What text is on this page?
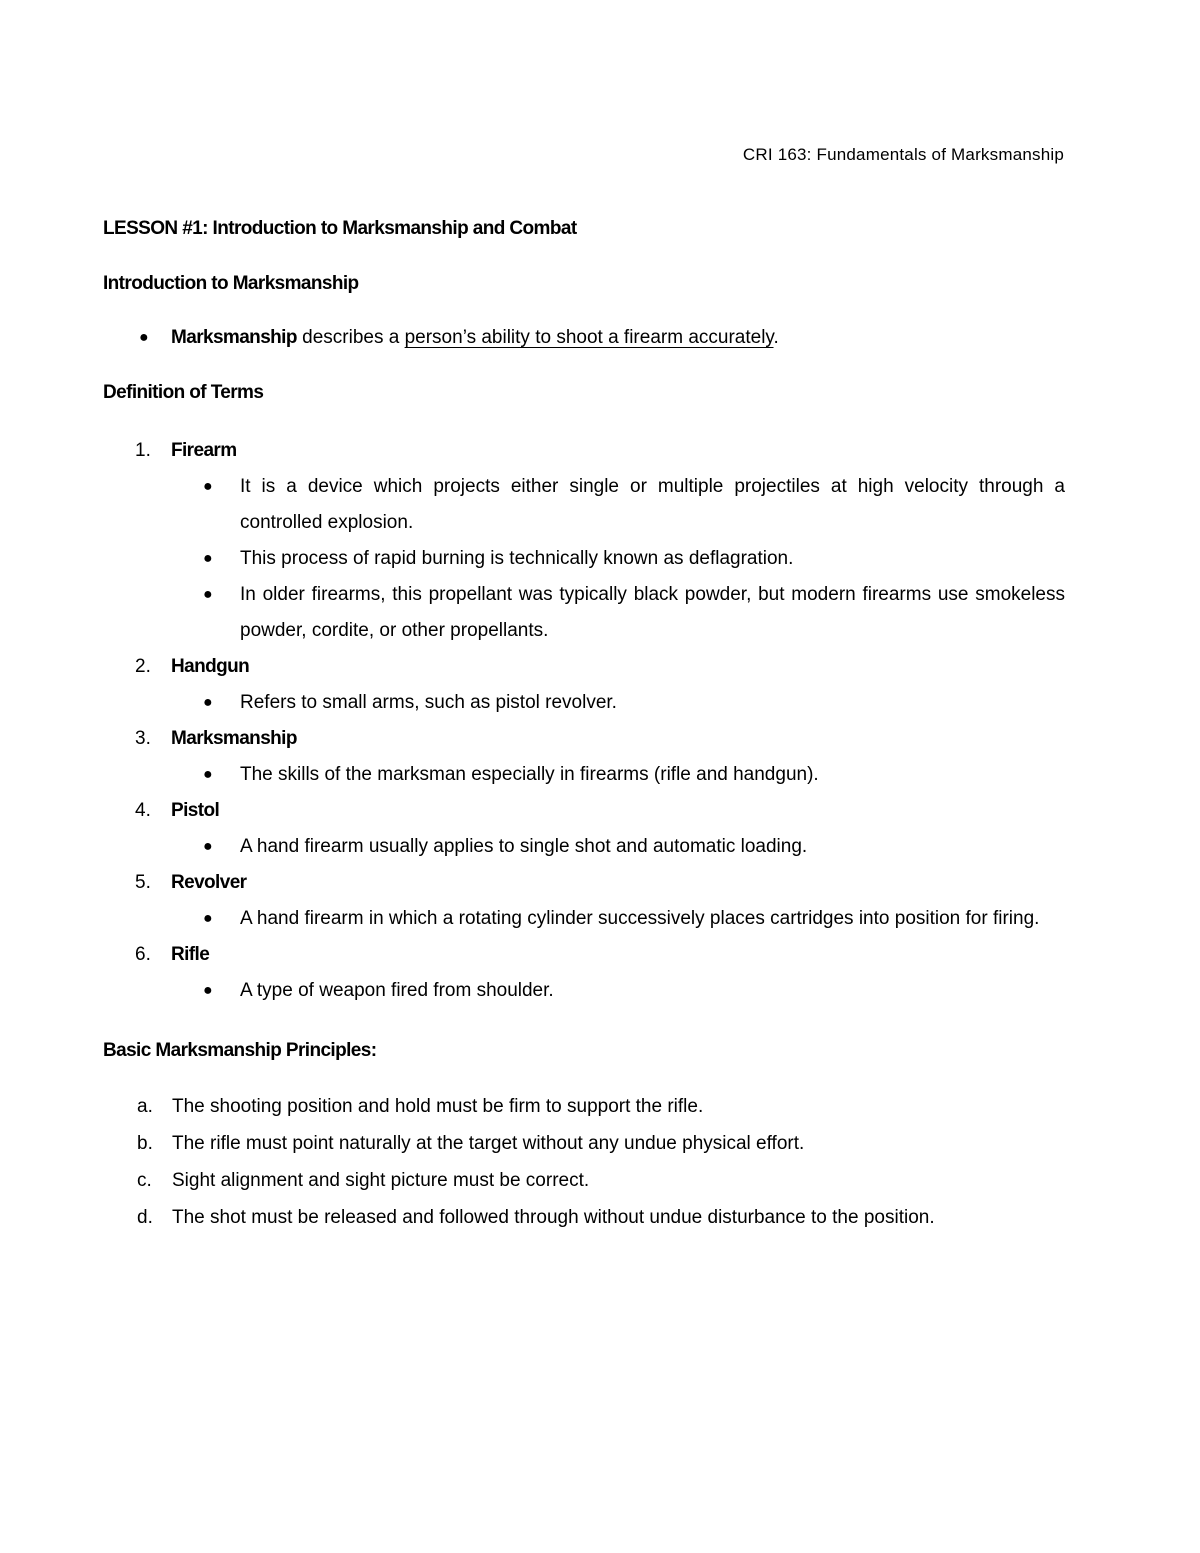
CRI 163: Fundamentals of Marksmanship
LESSON #1: Introduction to Marksmanship and Combat
Introduction to Marksmanship
● Marksmanship describes a person’s ability to shoot a firearm accurately.
Definition of Terms
1. Firearm
● It is a device which projects either single or multiple projectiles at high velocity through a controlled explosion.
● This process of rapid burning is technically known as deflagration.
● In older firearms, this propellant was typically black powder, but modern firearms use smokeless powder, cordite, or other propellants.
2. Handgun
● Refers to small arms, such as pistol revolver.
3. Marksmanship
● The skills of the marksman especially in firearms (rifle and handgun).
4. Pistol
● A hand firearm usually applies to single shot and automatic loading.
5. Revolver
● A hand firearm in which a rotating cylinder successively places cartridges into position for firing.
6. Rifle
● A type of weapon fired from shoulder.
Basic Marksmanship Principles:
a. The shooting position and hold must be firm to support the rifle.
b. The rifle must point naturally at the target without any undue physical effort.
c. Sight alignment and sight picture must be correct.
d. The shot must be released and followed through without undue disturbance to the position.
